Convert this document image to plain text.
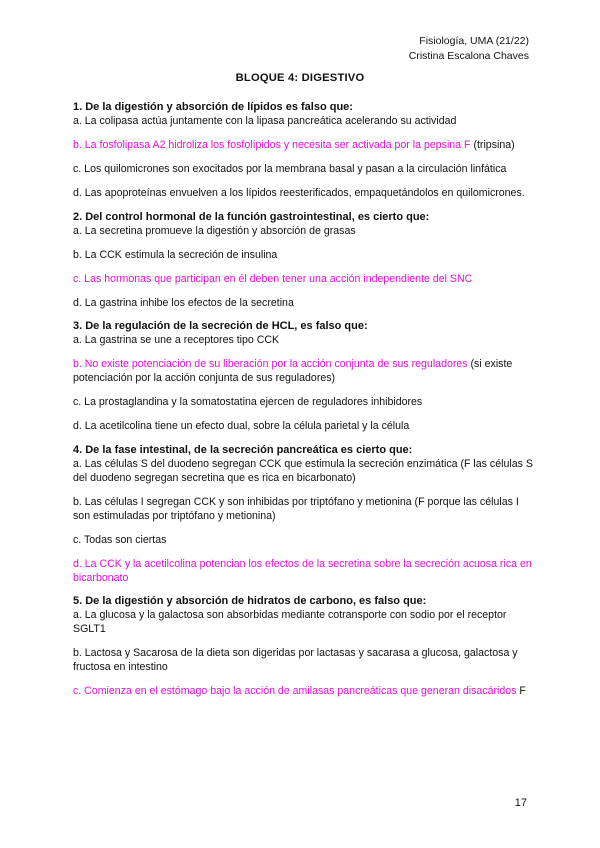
Fisiología, UMA (21/22)
Cristina Escalona Chaves
BLOQUE 4: DIGESTIVO
1. De la digestión y absorción de lípidos es falso que:
a. La colipasa actúa juntamente con la lipasa pancreática acelerando su actividad
b. La fosfolipasa A2 hidroliza los fosfolípidos y necesita ser activada por la pepsina F (tripsina)
c. Los quilomicrones son exocitados por la membrana basal y pasan a la circulación linfática
d. Las apoproteínas envuelven a los lípidos reesterificados, empaquetándolos en quilomicrones.
2. Del control hormonal de la función gastrointestinal, es cierto que:
a. La secretina promueve la digestión y absorción de grasas
b. La CCK estimula la secreción de insulina
c. Las hormonas que participan en él deben tener una acción independiente del SNC
d. La gastrina inhibe los efectos de la secretina
3. De la regulación de la secreción de HCL, es falso que:
a. La gastrina se une a receptores tipo CCK
b. No existe potenciación de su liberación por la acción conjunta de sus reguladores (si existe potenciación por la acción conjunta de sus reguladores)
c. La prostaglandina y la somatostatina ejercen de reguladores inhibidores
d. La acetilcolina tiene un efecto dual, sobre la célula parietal y la célula
4. De la fase intestinal, de la secreción pancreática es cierto que:
a. Las células S del duodeno segregan CCK que estimula la secreción enzimática (F las células S del duodeno segregan secretina que es rica en bicarbonato)
b. Las células I segregan CCK y son inhibidas por triptófano y metionina (F porque las células I son estimuladas por triptófano y metionina)
c. Todas son ciertas
d. La CCK y la acetilcolina potencian los efectos de la secretina sobre la secreción acuosa rica en bicarbonato
5. De la digestión y absorción de hidratos de carbono, es falso que:
a. La glucosa y la galactosa son absorbidas mediante cotransporte con sodio por el receptor SGLT1
b. Lactosa y Sacarosa de la dieta son digeridas por lactasas y sacarasa a glucosa, galactosa y fructosa en intestino
c. Comienza en el estómago bajo la acción de amilasas pancreáticas que generan disacáridos F
17
